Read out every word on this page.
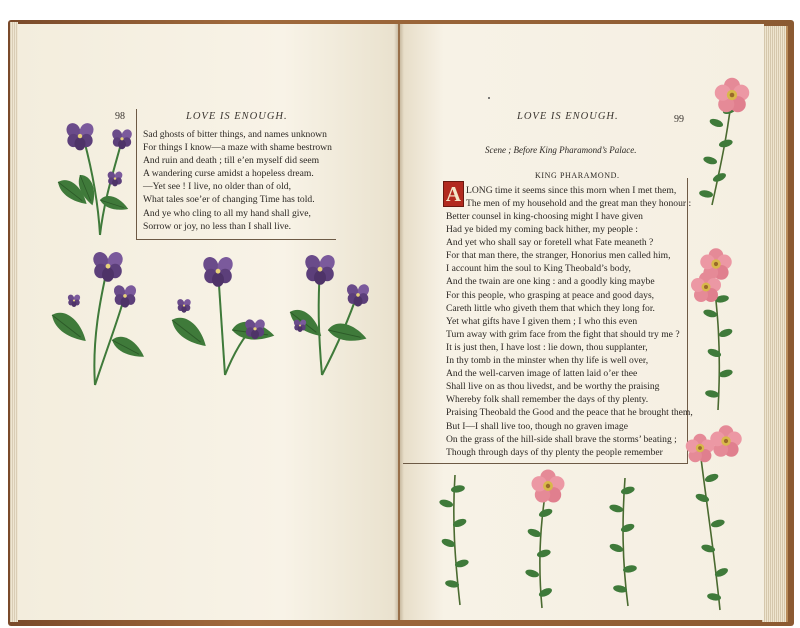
LOVE IS ENOUGH.
98
Sad ghosts of bitter things, and names unknown
For things I know—a maze with shame bestrown
And ruin and death ; till e’en myself did seem
A wandering curse amidst a hopeless dream.
—Yet see ! I live, no older than of old,
What tales soe’er of changing Time has told.
And ye who cling to all my hand shall give,
Sorrow or joy, no less than I shall live.
LOVE IS ENOUGH.	99
Scene ; Before King Pharamond’s Palace.
KING PHARAMOND.
A LONG time it seems since this morn when I met them,
The men of my household and the great man they honour :
Better counsel in king-choosing might I have given
Had ye bided my coming back hither, my people :
And yet who shall say or foretell what Fate meaneth ?
For that man there, the stranger, Honorius men called him,
I account him the soul to King Theobald’s body,
And the twain are one king : and a goodly king maybe
For this people, who grasping at peace and good days,
Careth little who giveth them that which they long for.
Yet what gifts have I given them ; I who this even
Turn away with grim face from the fight that should try me ?
It is just then, I have lost : lie down, thou supplanter,
In thy tomb in the minster when thy life is well over,
And the well-carven image of latten laid o’er thee
Shall live on as thou livedst, and be worthy the praising
Whereby folk shall remember the days of thy plenty.
Praising Theobald the Good and the peace that he brought them,
But I—I shall live too, though no graven image
On the grass of the hill-side shall brave the storms’ beating ;
Though through days of thy plenty the people remember
